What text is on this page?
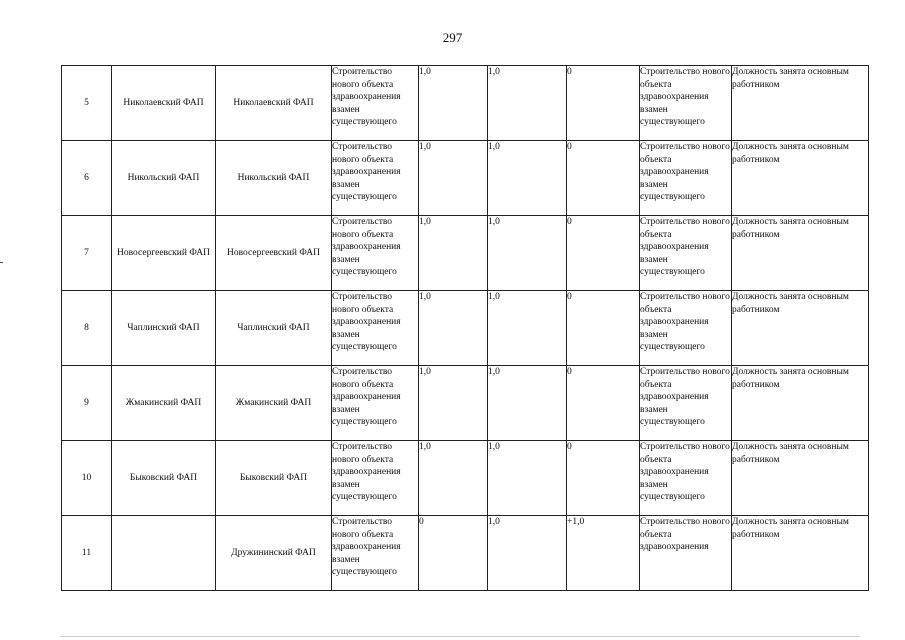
297
5	Николаевский ФАП	Николаевский ФАП	Строительство нового объекта здравоохранения взамен существующего	1,0	1,0	0	Строительство нового объекта здравоохранения взамен существующего	Должность занята основным работником
6	Никольский ФАП	Никольский ФАП	Строительство нового объекта здравоохранения взамен существующего	1,0	1,0	0	Строительство нового объекта здравоохранения взамен существующего	Должность занята основным работником
7	Новосергеевский ФАП	Новосергеевский ФАП	Строительство нового объекта здравоохранения взамен существующего	1,0	1,0	0	Строительство нового объекта здравоохранения взамен существующего	Должность занята основным работником
8	Чаплинский ФАП	Чаплинский ФАП	Строительство нового объекта здравоохранения взамен существующего	1,0	1,0	0	Строительство нового объекта здравоохранения взамен существующего	Должность занята основным работником
9	Жмакинский ФАП	Жмакинский ФАП	Строительство нового объекта здравоохранения взамен существующего	1,0	1,0	0	Строительство нового объекта здравоохранения взамен существующего	Должность занята основным работником
10	Быковский ФАП	Быковский ФАП	Строительство нового объекта здравоохранения взамен существующего	1,0	1,0	0	Строительство нового объекта здравоохранения взамен существующего	Должность занята основным работником
11		Дружининский ФАП	Строительство нового объекта здравоохранения взамен существующего	0	1,0	+1,0	Строительство нового объекта здравоохранения	Должность занята основным работником
